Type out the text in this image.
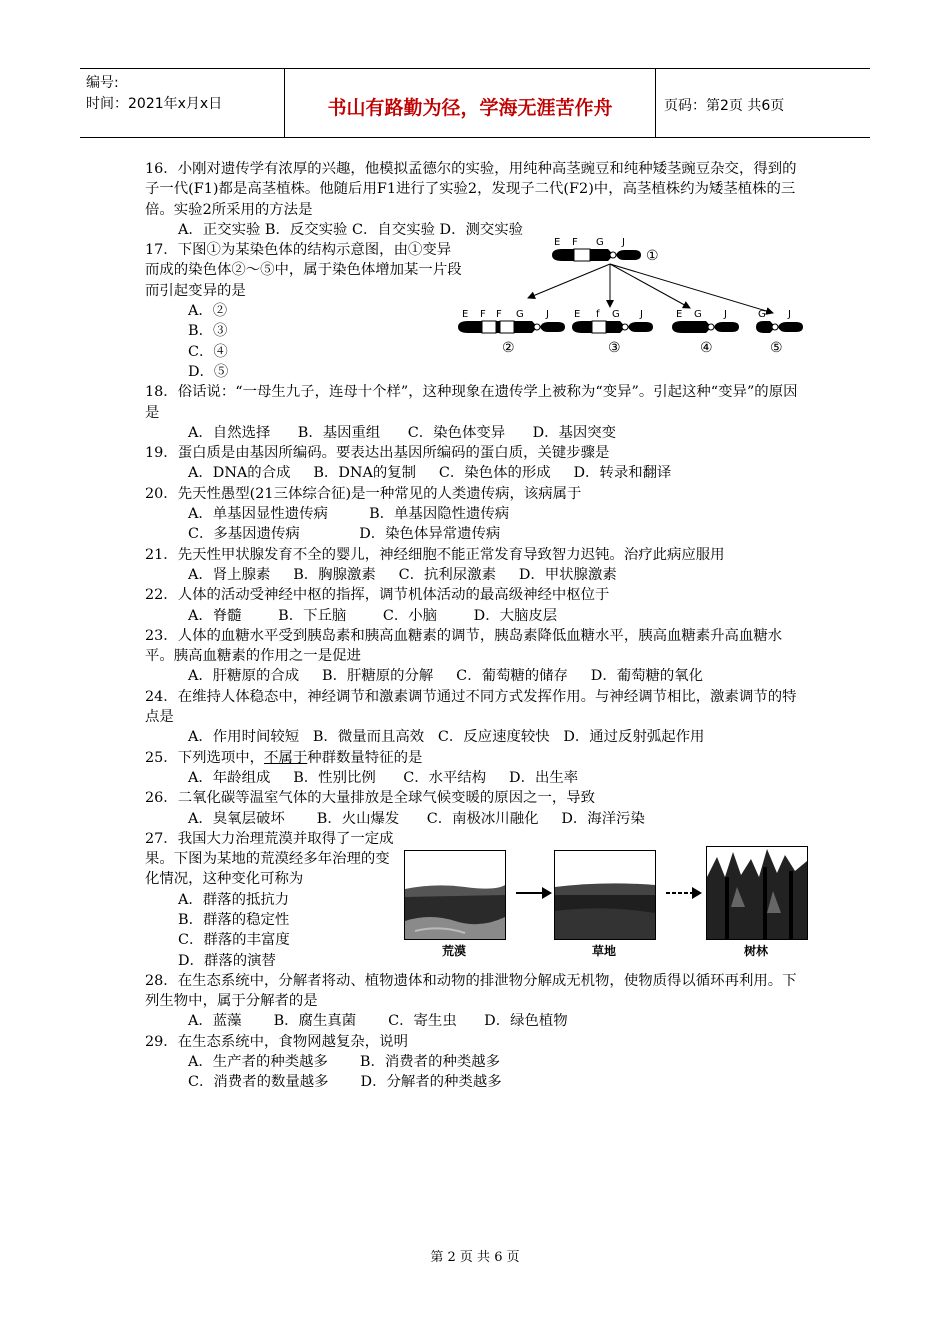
编号:
时间：2021年x月x日	书山有路勤为径，学海无涯苦作舟	页码：第2页 共6页

16．小刚对遗传学有浓厚的兴趣，他模拟孟德尔的实验，用纯种高茎豌豆和纯种矮茎豌豆杂交，得到的子一代(F1)都是高茎植株。他随后用F1进行了实验2，发现子二代(F2)中，高茎植株约为矮茎植株的三倍。实验2所采用的方法是

A．正交实验 B．反交实验 C．自交实验 D．测交实验

17．下图①为某染色体的结构示意图，由①变异而成的染色体②～⑤中，属于染色体增加某一片段而引起变异的是

A．②

B．③

C．④

D．⑤

18．俗话说：“一母生九子，连母十个样”，这种现象在遗传学上被称为“变异”。引起这种“变异”的原因是

A．自然选择      B．基因重组      C．染色体变异      D．基因突变

19．蛋白质是由基因所编码。要表达出基因所编码的蛋白质，关键步骤是

A．DNA的合成     B．DNA的复制     C．染色体的形成     D．转录和翻译

20．先天性愚型(21三体综合征)是一种常见的人类遗传病，该病属于

A．单基因显性遗传病         B．单基因隐性遗传病

C．多基因遗传病             D．染色体异常遗传病

21．先天性甲状腺发育不全的婴儿，神经细胞不能正常发育导致智力迟钝。治疗此病应服用

A．肾上腺素     B．胸腺激素     C．抗利尿激素     D．甲状腺激素

22．人体的活动受神经中枢的指挥，调节机体活动的最高级神经中枢位于

A．脊髓        B．下丘脑        C．小脑        D．大脑皮层

23．人体的血糖水平受到胰岛素和胰高血糖素的调节，胰岛素降低血糖水平，胰高血糖素升高血糖水平。胰高血糖素的作用之一是促进

A．肝糖原的合成     B．肝糖原的分解     C．葡萄糖的储存     D．葡萄糖的氧化

24．在维持人体稳态中，神经调节和激素调节通过不同方式发挥作用。与神经调节相比，激素调节的特点是

A．作用时间较短   B．微量而且高效   C．反应速度较快   D．通过反射弧起作用

25．下列选项中，不属于种群数量特征的是

A．年龄组成     B．性别比例      C．水平结构     D．出生率

26．二氧化碳等温室气体的大量排放是全球气候变暖的原因之一，导致

A．臭氧层破坏       B．火山爆发      C．南极冰川融化     D．海洋污染

27．我国大力治理荒漠并取得了一定成果。下图为某地的荒漠经多年治理的变化情况，这种变化可称为

A．群落的抵抗力

B．群落的稳定性

C．群落的丰富度

D．群落的演替

28．在生态系统中，分解者将动、植物遗体和动物的排泄物分解成无机物，使物质得以循环再利用。下列生物中，属于分解者的是

A．蓝藻       B．腐生真菌       C．寄生虫      D．绿色植物

29．在生态系统中，食物网越复杂，说明

A．生产者的种类越多       B．消费者的种类越多

C．消费者的数量越多       D．分解者的种类越多

E F G J
①
E F F G J
②
E f G J
③
E G J
④
G J
⑤
荒漠	草地	树林
第 2 页 共 6 页
